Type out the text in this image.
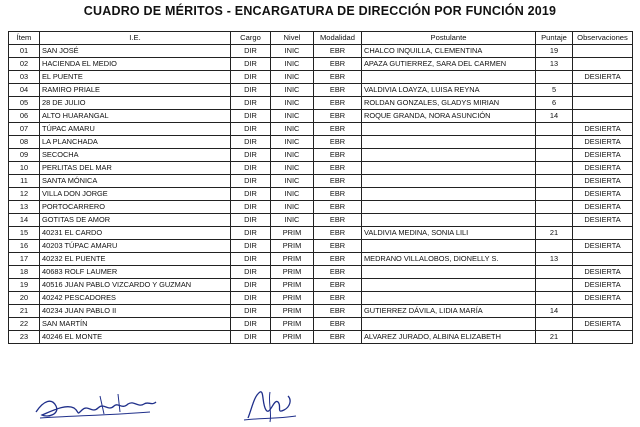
CUADRO DE MÉRITOS - ENCARGATURA DE DIRECCIÓN POR FUNCIÓN 2019
Ítem	I.E.	Cargo	Nivel	Modalidad	Postulante	Puntaje	Observaciones
01	SAN JOSÉ	DIR	INIC	EBR	CHALCO INQUILLA, CLEMENTINA	19	
02	HACIENDA EL MEDIO	DIR	INIC	EBR	APAZA GUTIERREZ, SARA DEL CARMEN	13	
03	EL PUENTE	DIR	INIC	EBR			DESIERTA
04	RAMIRO PRIALE	DIR	INIC	EBR	VALDIVIA LOAYZA, LUISA REYNA	5	
05	28 DE JULIO	DIR	INIC	EBR	ROLDAN GONZALES, GLADYS MIRIAN	6	
06	ALTO HUARANGAL	DIR	INIC	EBR	ROQUE GRANDA, NORA ASUNCIÓN	14	
07	TÚPAC AMARU	DIR	INIC	EBR			DESIERTA
08	LA PLANCHADA	DIR	INIC	EBR			DESIERTA
09	SECOCHA	DIR	INIC	EBR			DESIERTA
10	PERLITAS DEL MAR	DIR	INIC	EBR			DESIERTA
11	SANTA MÓNICA	DIR	INIC	EBR			DESIERTA
12	VILLA DON JORGE	DIR	INIC	EBR			DESIERTA
13	PORTOCARRERO	DIR	INIC	EBR			DESIERTA
14	GOTITAS DE AMOR	DIR	INIC	EBR			DESIERTA
15	40231 EL CARDO	DIR	PRIM	EBR	VALDIVIA MEDINA, SONIA LILI	21	
16	40203 TÚPAC AMARU	DIR	PRIM	EBR			DESIERTA
17	40232 EL PUENTE	DIR	PRIM	EBR	MEDRANO VILLALOBOS, DIONELLY S.	13	
18	40683 ROLF LAUMER	DIR	PRIM	EBR			DESIERTA
19	40516 JUAN PABLO VIZCARDO Y GUZMAN	DIR	PRIM	EBR			DESIERTA
20	40242 PESCADORES	DIR	PRIM	EBR			DESIERTA
21	40234 JUAN PABLO II	DIR	PRIM	EBR	GUTIERREZ DÁVILA, LIDIA MARÍA	14	
22	SAN MARTÍN	DIR	PRIM	EBR			DESIERTA
23	40246 EL MONTE	DIR	PRIM	EBR	ALVAREZ JURADO, ALBINA ELIZABETH	21	
